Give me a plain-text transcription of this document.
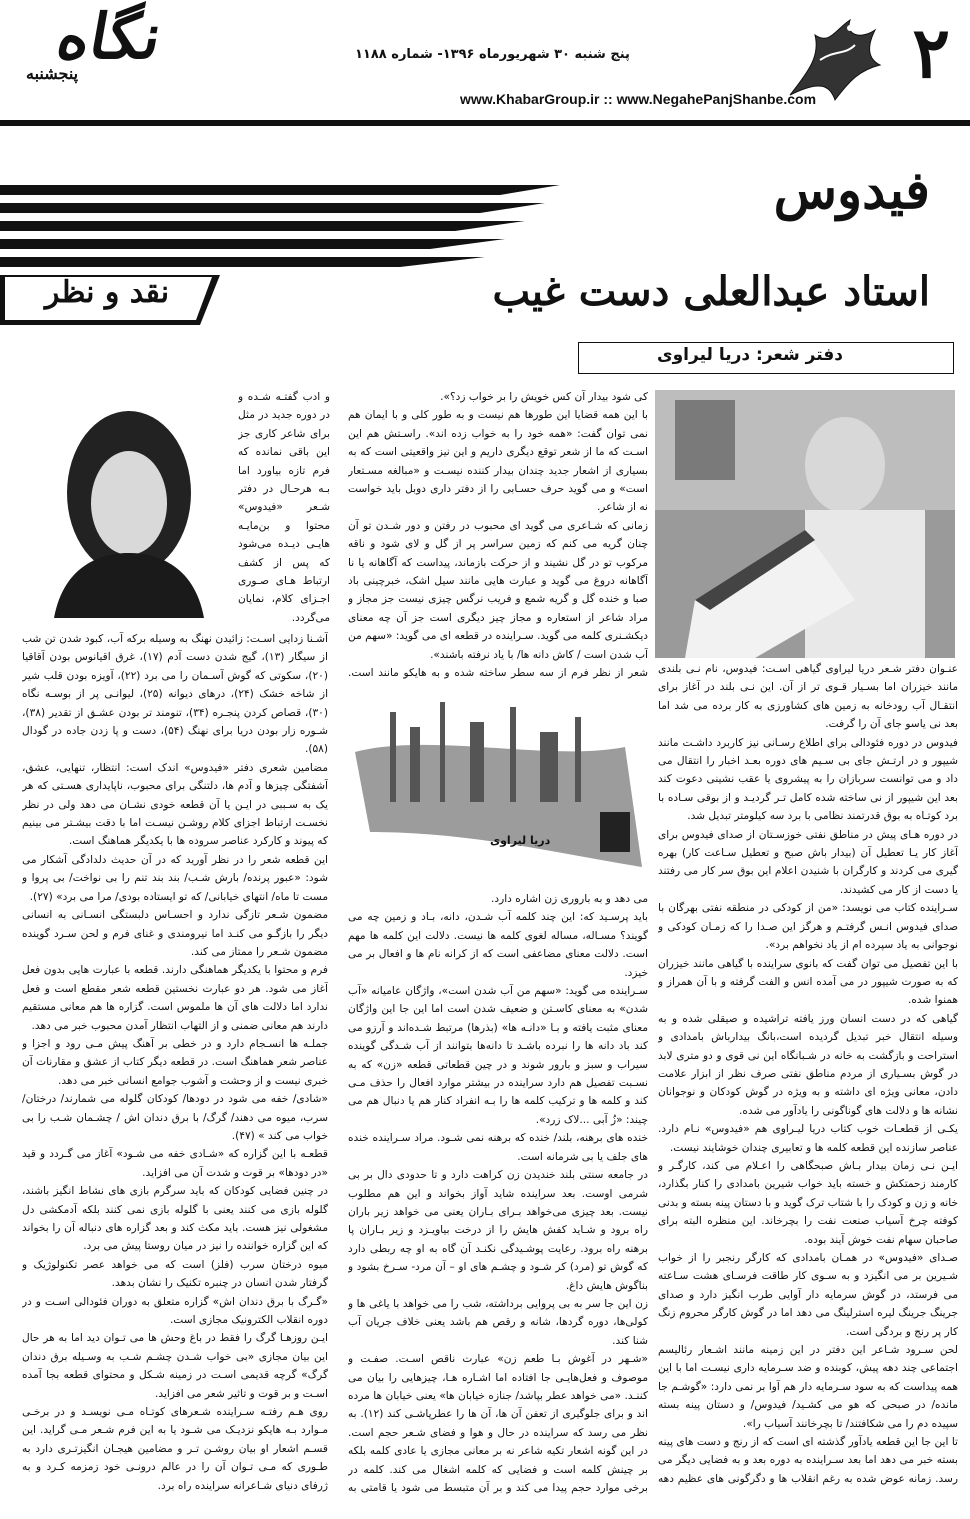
۲
نگاه
پنجشنبه
پنج شنبه ۳۰ شهریورماه ۱۳۹۶- شماره ۱۱۸۸
www.KhabarGroup.ir :: www.NegahePanjShanbe.com
فیدوس
استاد عبدالعلی دست غیب
نقد و نظر
دفتر شعر: دریا لیراوی
دریا لیراوی

عنـوان دفتر شـعر دریا لیراوی گیاهی اسـت: فیدوس، نام نـی بلندی مانند خیزران اما بسـیار قـوی تر از آن. این نـی بلند در آغاز برای انتقـال آب رودخانه به زمین های کشاورزی به کار برده می شد اما بعد نی یاسو جای آن را گرفت.

فیدوس در دوره فئودالی برای اطلاع رسـانی نیز کاربرد داشـت مانند شیپور و در ارتـش جای بی سـیم های دوره بعـد اخبار را انتقال می داد و می توانست سربازان را به پیشروی یا عقب نشینی دعوت کند بعد این شیپور از نی ساخته شده کامل تـر گردیـد و از بوقی سـاده با برد کوتـاه به بوق قدرتمند نظامی با برد سه کیلومتر تبدیل شد.

در دوره هـای پیش در مناطق نفتی خوزسـتان از صدای فیدوس برای آغاز کار یـا تعطیل آن (بیدار باش صبح و تعطیل سـاعت کار) بهره گیری می کردند و کارگران با شنیدن اعلام این بوق سر کار می رفتند یا دست از کار می کشیدند.

سـراینده کتاب می نویسد: «من از کودکی در منطقه نفتی بهرگان با صدای فیدوس انـس گرفتـم و هرگز این صـدا را که زمـان کودکی و نوجوانی به یاد سپرده ام از یاد نخواهم برد».

با این تفصیل می توان گفت که بانوی سراینده با گیاهی مانند خیزران که به صورت شیپور در می آمده انس و الفت گرفته و با آن همراز و همنوا شده.

گیاهی که در دست انسان ورز یافته تراشیده و صیقلی شده و به وسیله انتقال خبر تبدیل گردیده است،بانگ بیدارباش بامدادی و استراحت و بازگشت به خانه در شـبانگاه این نی قوی و دو متری لابد در گوش بسـیاری از مردم مناطق نفتی صرف نظر از ابزار علامت دادن، معانی ویژه ای داشته و به ویژه در گوش کودکان و نوجوانان نشانه ها و دلالت های گوناگونی را یادآور می شده.

یکـی از قطعـات خوب کتاب دریا لیـراوی هم «فیدوس» نـام دارد. عناصر سازنده این قطعه کلمه ها و تعابیری چندان خوشایند نیست.

ایـن نـی زمان بیدار بـاش صبحگاهی را اعـلام می کند، کارگـر و کارمند زحمتکش و خسته باید خواب شیرین بامدادی را کنار بگذارد، خانه و زن و کودک را با شتاب ترک گوید و با دستان پینه بسته و بدنی کوفته چرخ آسیاب صنعت نفت را بچرخاند. این منظره البته برای صاحبان سهام نفت خوش آیند بوده.

صـدای «فیدوس» در همـان بامدادی که کارگر رنجبر را از خواب شـیرین بر می انگیزد و به سـوی کار طاقت فرسـای هشت سـاعته می فرستد، در گوش سرمایه دار آوایی طرب انگیز دارد و صدای جرینگ جرینگ لیره استرلینگ می دهد اما در گوش کارگر محروم زنگ کار پر رنج و بردگی است.

لحن سـرود شـاعر این دفتر در این زمینه مانند اشـعار رئالیسم اجتماعی چند دهه پیش، کوبنده و ضد سـرمایه داری نیسـت اما با این همه پیداست که به سود سـرمایه دار هم آوا بر نمی دارد: «گوشـم جا مانده/ در صبحی که هو می کشـید/ فیدوس/ و دستان پینه بسته سپیده دم را می شکافتند/ تا بچرخانند آسیاب را».

تا این جا این قطعه یادآور گذشته ای است که از رنج و دست های پینه بسته خبر می دهد اما بعد سـراینده به دوره بعد و به فضایی دیگر می رسد. زمانه عوض شده به رغم انقلاب ها و دگرگونی های عظیم دهه

کی شود بیدار آن کس خویش را بر خواب زد؟».

با این همه قضایا این طورها هم نیست و به طور کلی و با ایمان هم نمی توان گفت: «همه خود را به خواب زده اند». راسـتش هم این اسـت که ما از شعر توقع دیگری داریم و این نیز واقعیتی است که به بسیاری از اشعار جدید چندان بیدار کننده نیسـت و «مبالغه مسـتعار است» و می گوید حرف حسـابی را از دفتر داری دوبل باید خواست نه از شاعر.

زمانی که شـاعری می گوید ای محبوب در رفتن و دور شـدن تو آن چنان گریه می کنم که زمین سراسر پر از گل و لای شود و ناقه مرکوب تو در گل نشیند و از حرکت بازماند، پیداست که آگاهانه یا نا آگاهانه دروغ می گوید و عبارت هایی مانند سیل اشک، خبرچینی باد صبا و خنده گل و گریه شمع و فریب نرگس چیزی نیست جز مجاز و مراد شاعر از استعاره و مجاز چیز دیگری است جز آن چه معنای دیکشـنری کلمه می گوید. سـراینده در قطعه ای می گوید: «سهم من آب شدن است / کاش دانه ها/ با یاد نرفته باشند».

شعر از نظر فرم از سه سطر ساخته شده و به هایکو مانند است.

می دهد و به باروری زن اشاره دارد.

باید پرسـید که: این چند کلمه آب شـدن، دانه، بـاد و زمین چه می گویند؟ مسـاله، مساله لغوی کلمه ها نیست. دلالت این کلمه ها مهم است. دلالت معنای مضاعفی است که از کرانه نام ها و افعال بر می خیزد.

سـراینده می گوید: «سهم من آب شدن است»، واژگان عامیانه «آب شدن» به معنای کاسـتن و ضعیف شدن است اما این جا این واژگان معنای مثبت یافته و بـا «دانـه ها» (بذرها) مرتبط شـده‌اند و آرزو می کند باد دانه ها را نبرده باشـد تا دانه‌ها بتوانند از آب شـدگی گوینده سیراب و سبز و بارور شوند و در چین قطعاتی قطعه «زن» که به نسـبت تفصیل هم دارد سراینده در بیشتر موارد افعال را حذف مـی کند و کلمه ها و ترکیب کلمه ها را بـه انفراد کنار هم یا دنبال هم می چیند: «زُ آبی ...لاک زرد».

خنده های برهنه، بلند/ خنده که برهنه نمی شـود. مراد سـراینده خنده های جلف یا بی شرمانه است.

در جامعه سنتی بلند خندیدن زن کراهت دارد و تا حدودی دال بر بی شرمی اوست. بعد سراینده شاید آواز بخواند و این هم مطلوب نیست. بعد چیزی می‌خواهد بـرای بـاران یعنی می خواهد زیر باران راه برود و شـاید کفش هایش را از درخت بیاویـزد و زیر بـاران پا برهنه راه برود. رعایت پوشـیدگی نکنـد آن گاه به او چه ربطی دارد که گوش تو (مرد) کر شـود و چشـم های او – آن مرد- سـرخ بشود و بناگوش هایش داغ.

زن این جا سر به بی پروایی برداشته، شب را می خواهد با یاغی ها و کولی‌ها، دوره گردها، شانه و رقص هم باشد یعنی خلاف جریان آب شنا کند.

«شـهر در آغوش بـا طعم زن» عبارت ناقص اسـت. صفـت و موصوف و فعل‌هایـی جا افتاده اما اشـاره هـا، چیزهایی را بیان می کننـد. «می خواهد عطر بپاشد/ جنازه خیابان ها» یعنی خیابان ها مرده اند و برای جلوگیری از تعفن آن ها، آن ها را عطرپاشـی کند (۱۲). به نظر می رسد که سراینده در حال و هوا و فضای شـعر حجم است. در این گونه اشعار تکیه شاعر نه بر معانی مجازی یا عادی کلمه بلکه بر چینش کلمه است و فضایی که کلمه اشغال می کند. کلمه در برخی موارد حجم پیدا می کند و بر آن متبسط می شود یا قامتی به

و ادب گفتـه شـده و در دوره جدید در مثل برای شاعر کاری جز این باقی نمانده که فرم تازه بیاورد اما بـه هرحـال در دفتر شـعر «فیدوس» محتوا و بن‌مایـه هایـی دیـده می‌شود که پس از کشف ارتباط هـای صـوری اجـزای کلام، نمایان می‌گردد.

آشـنا زدایی اسـت: زائیدن نهنگ به وسیله برکه آب، کبود شدن تن شب از سیگار (۱۳)، گیج شدن دست آدم (۱۷)، غرق اقیانوس بودن آقاقیا (۲۰)، سکوتی که گوش آسـمان را می برد (۲۲)، آویزه بودن قلب شیر از شاخه خشک (۲۴)، درهای دیوانه (۲۵)، لیوانـی پر از بوسـه نگاه (۳۰)، قصاص کردن پنجـره (۳۴)، تنومند تر بودن عشـق از تقدیر (۳۸)، شـوره زار بودن دریا برای نهنگ (۵۴)، دست و پا زدن جاده در گودال (۵۸).

مضامین شعری دفتر «فیدوس» اندک است: انتظار، تنهایی، عشق، آشفتگی چیزها و آدم ها، دلتنگی برای محبوب، ناپایداری هسـتی که هر یک به سـببی در ایـن یا آن قطعه خودی نشـان می دهد ولی در نظر نخسـت ارتباط اجزای کلام روشـن نیسـت اما با دقت بیشـتر می بینیم که پیوند و کارکرد عناصر سروده ها با یکدیگر هماهنگ است.

این قطعه شعر را در نظر آورید که در آن حدیث دلدادگی آشکار می شود: «عبور پرنده/ بارش شـب/ بند بند تنم را بی نواخت/ بی پروا و مست تا ماه/ انتهای خیابانی/ که تو ایستاده بودی/ مرا می برد» (۲۷).

مضمون شـعر تازگی ندارد و احسـاس دلبستگی انسـانی به انسانی دیگر را بازگـو می کنـد اما نیرومندی و غنای فرم و لحن سـرد گوینده مضمون شـعر را ممتاز می کند.

فرم و محتوا با یکدیگر هماهنگی دارند. قطعه با عبارت هایی بدون فعل آغاز می شود. هر دو عبارت نخستین قطعه شعر مقطع است و فعل ندارد اما دلالت های آن ها ملموس است. گزاره ها هم معانی مستقیم دارند هم معانی ضمنی و از التهاب انتظار آمدن محبوب خبر می دهد.

جملـه ها انسـجام دارد و در خطی بر آهنگ پیش مـی رود و اجزا و عناصر شعر هماهنگ است. در قطعه دیگر کتاب از عشق و مقارنات آن خبری نیست و از وحشت و آشوب جوامع انسانی خبر می دهد.

«شادی/ خفه می شود در دودها/ کودکان گلوله می شمارند/ درختان/ سرب، میوه می دهند/ گرگ/ با برق دندان اش / چشـمان شـب را بی خواب می کند » (۴۷).

قطعـه با این گزاره که «شـادی خفه می شـود» آغاز می گـردد و قید «در دودها» بر قوت و شدت آن می افزاید.

در چنین فضایی کودکان که باید سرگرم بازی های نشاط انگیز باشند، گلوله بازی می کنند یعنی با گلوله بازی نمی کنند بلکه آدمکشی دل مشغولی نیز هست. باید مکث کند و بعد گزاره های دنباله آن را بخواند که این گزاره خواننده را نیز در میان روستا پیش می برد.

میوه درختان سرب (فلز) است که می خواهد عصر تکنولوژیک و گرفتار شدن انسان در چنبره تکنیک را نشان بدهد.

«گـرگ با برق دندان اش» گزاره متعلق به دوران فئودالی اسـت و در دوره انقلاب الکترونیک مجازی است.

ایـن روزهـا گرگ را فقط در باغ وحش ها می تـوان دید اما به هر حال این بیان مجازی «بی خواب شـدن چشـم شـب به وسـیله برق دندان گرگ» گرچه قدیمی اسـت در زمینه شـکل و محتوای قطعه بجا آمده اسـت و بر قوت و تاثیر شعر می افزاید.

روی هـم رفتـه سـراینده شـعرهای کوتـاه مـی نویسـد و در برخـی مـوارد بـه هایکو نزدیـک می شـود یا به این فرم شـعر مـی گراید. این قسـم اشعار او بیان روشـن تـر و مضامین هیجـان انگیزتـری دارد به طـوری که مـی تـوان آن را در عالم درونـی خود زمزمه کـرد و به ژرفای دنیای شـاعرانه سراینده راه برد.
